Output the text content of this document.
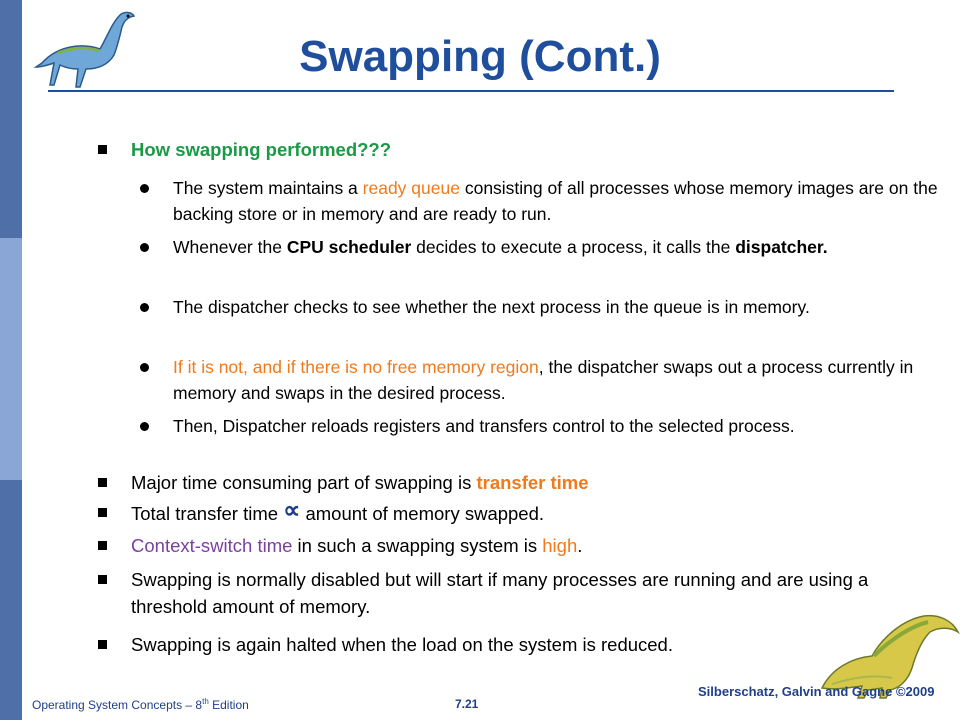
Swapping (Cont.)
How swapping performed???
The system maintains a ready queue consisting of all processes whose memory images are on the backing store or in memory and are ready to run.
Whenever the CPU scheduler decides to execute a process, it calls the dispatcher.
The dispatcher checks to see whether the next process in the queue is in memory.
If it is not, and if there is no free memory region, the dispatcher swaps out a process currently in memory and swaps in the desired process.
Then, Dispatcher reloads registers and transfers control to the selected process.
Major time consuming part of swapping is transfer time
Total transfer time ∝ amount of memory swapped.
Context-switch time in such a swapping system is high.
Swapping is normally disabled but will start if many processes are running and are using a threshold amount of memory.
Swapping is again halted when the load on the system is reduced.
Operating System Concepts – 8th Edition	7.21
Silberschatz, Galvin and Gagne ©2009
